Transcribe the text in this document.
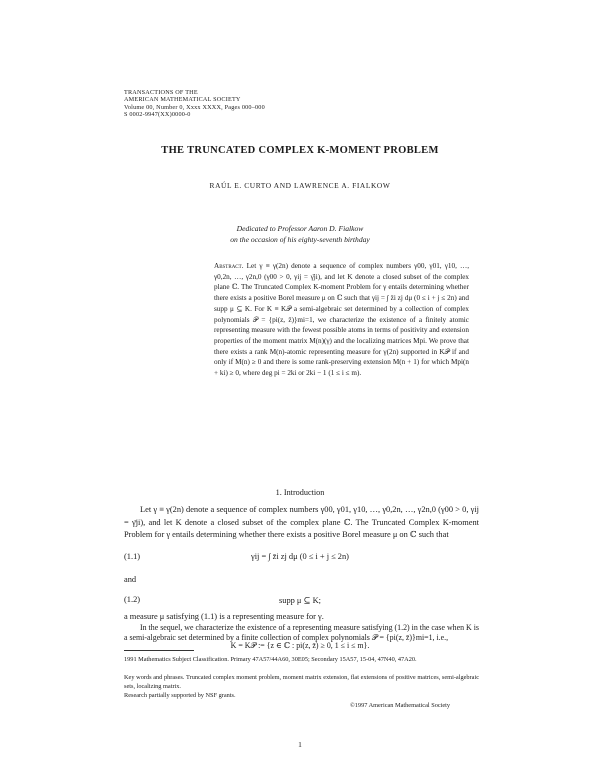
TRANSACTIONS OF THE
AMERICAN MATHEMATICAL SOCIETY
Volume 00, Number 0, Xxxx XXXX, Pages 000–000
S 0002-9947(XX)0000-0
THE TRUNCATED COMPLEX K-MOMENT PROBLEM
RAÚL E. CURTO AND LAWRENCE A. FIALKOW
Dedicated to Professor Aaron D. Fialkow
on the occasion of his eighty-seventh birthday
Abstract. Let γ ≡ γ(2n) denote a sequence of complex numbers γ00, γ01, γ10, …, γ0,2n, …, γ2n,0 (γ00 > 0, γij = γ̄ji), and let K denote a closed subset of the complex plane ℂ. The Truncated Complex K-moment Problem for γ entails determining whether there exists a positive Borel measure μ on ℂ such that γij = ∫ z̄i zj dμ (0 ≤ i + j ≤ 2n) and supp μ ⊆ K. For K ≡ K𝒫 a semi-algebraic set determined by a collection of complex polynomials 𝒫 = {pi(z, z̄)}mi=1, we characterize the existence of a finitely atomic representing measure with the fewest possible atoms in terms of positivity and extension properties of the moment matrix M(n)(γ) and the localizing matrices Mpi. We prove that there exists a rank M(n)-atomic representing measure for γ(2n) supported in K𝒫 if and only if M(n) ≥ 0 and there is some rank-preserving extension M(n + 1) for which Mpi(n + ki) ≥ 0, where deg pi = 2ki or 2ki − 1 (1 ≤ i ≤ m).
1. Introduction
Let γ ≡ γ(2n) denote a sequence of complex numbers γ00, γ01, γ10, …, γ0,2n, …, γ2n,0 (γ00 > 0, γij = γ̄ji), and let K denote a closed subset of the complex plane ℂ. The Truncated Complex K-moment Problem for γ entails determining whether there exists a positive Borel measure μ on ℂ such that
(1.1)	γij = ∫ z̄i zj dμ (0 ≤ i + j ≤ 2n)
and
(1.2)	supp μ ⊆ K;
a measure μ satisfying (1.1) is a representing measure for γ.
1991 Mathematics Subject Classification. Primary 47A57/44A60, 30E05; Secondary 15A57, 15-04, 47N40, 47A20.
Key words and phrases. Truncated complex moment problem, moment matrix extension, flat extensions of positive matrices, semi-algebraic sets, localizing matrix.
Research partially supported by NSF grants.
©1997 American Mathematical Society
1
In the sequel, we characterize the existence of a representing measure satisfying (1.2) in the case when K is a semi-algebraic set determined by a finite collection of complex polynomials 𝒫 = {pi(z, z̄)}mi=1, i.e.,
K = K𝒫 := {z ∈ ℂ : pi(z, z̄) ≥ 0, 1 ≤ i ≤ m}.
